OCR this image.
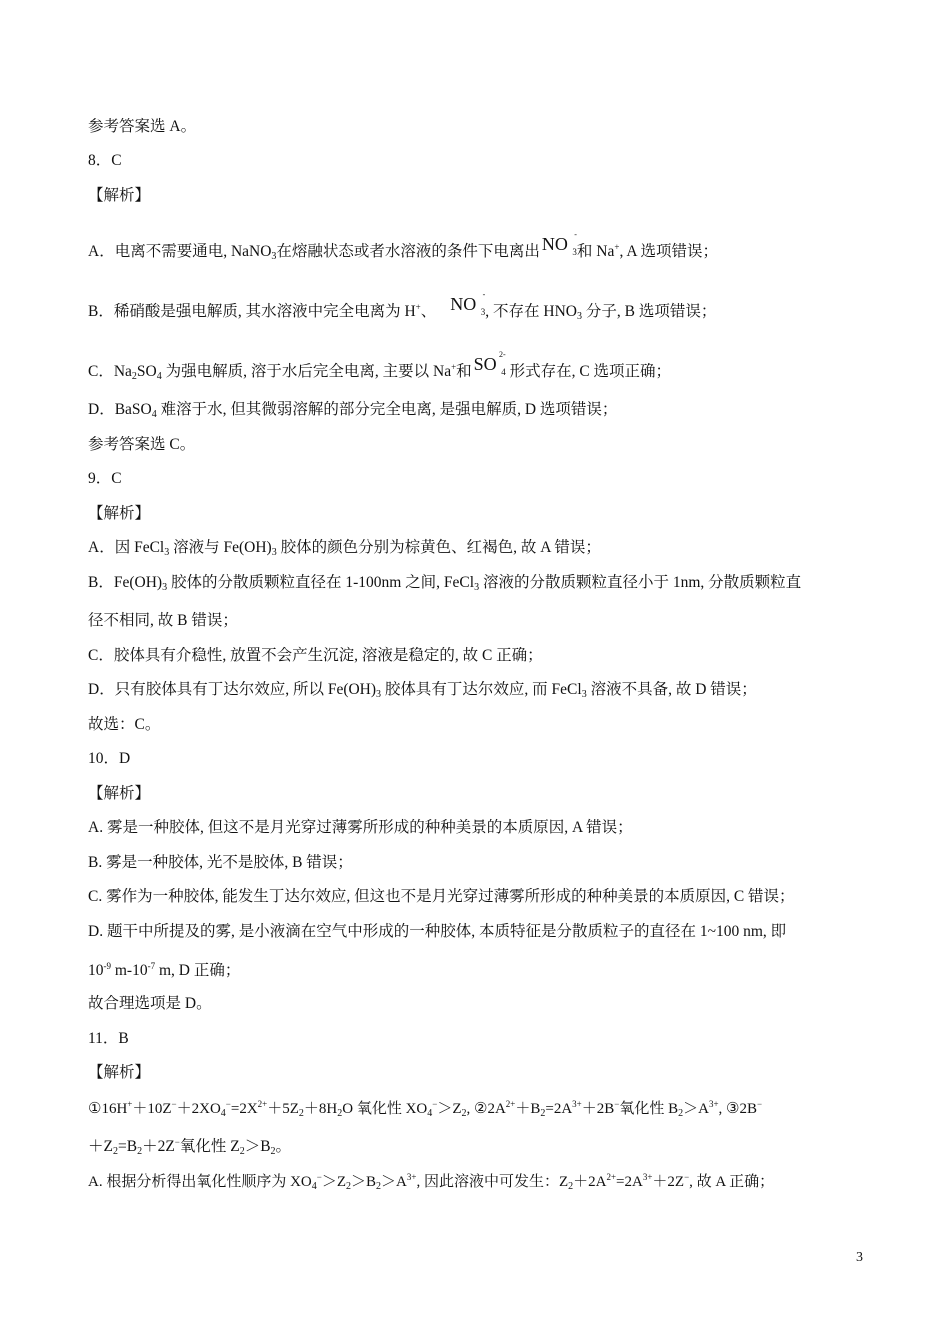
参考答案选 A。
8．C
【解析】
A．电离不需要通电, NaNO$_3$在熔融状态或者水溶液的条件下电离出 NO -
3 和 Na+, A 选项错误；
B．稀硝酸是强电解质, 其水溶液中完全电离为 H+、 NO -
3 , 不存在 $HNO_3$ 分子, B 选项错误；
C．$Na_2SO_4$ 为强电解质, 溶于水后完全电离, 主要以 Na+和 SO 2-
4 形式存在, C 选项正确；
D．BaSO$_4$ 难溶于水, 但其微弱溶解的部分完全电离, 是强电解质, D 选项错误；
参考答案选 C。
9．C
【解析】
A．因 FeCl$_3$ 溶液与 $Fe(OH)_3$ 胶体的颜色分别为棕黄色、红褐色, 故 A 错误；
B．$Fe(OH)_3$ 胶体的分散质颗粒直径在 1-100nm 之间, FeCl$_3$ 溶液的分散质颗粒直径小于 1nm, 分散质颗粒直
径不相同, 故 B 错误；
C．胶体具有介稳性, 放置不会产生沉淀, 溶液是稳定的, 故 C 正确；
D．只有胶体具有丁达尔效应, 所以 $Fe(OH)_3$ 胶体具有丁达尔效应, 而 FeCl$_3$ 溶液不具备, 故 D 错误；
故选：C。
10．D
【解析】
A. 雾是一种胶体, 但这不是月光穿过薄雾所形成的种种美景的本质原因, A 错误；
B. 雾是一种胶体, 光不是胶体, B 错误；
C. 雾作为一种胶体, 能发生丁达尔效应, 但这也不是月光穿过薄雾所形成的种种美景的本质原因, C 错误；
D. 题干中所提及的雾, 是小液滴在空气中形成的一种胶体, 本质特征是分散质粒子的直径在 1~100 nm, 即
$10^{-9}$ $m-10^{-7}$ m, D 正确；
故合理选项是 D。
11．B
【解析】
$①16H^++10Z^-+2XO_4^-=2X^{2+}+5Z_2+8H_2O$ 氧化性 $XO_4^->Z_2$, $②2A^{2+}+B_2=2A^{3+}+2B^-$氧化性 $B_2>A^{3+}$, ③2B−
$+Z_2=B_2+2Z^-$氧化性 $Z_2>B_2$。
A. 根据分析得出氧化性顺序为 $XO_4^->Z_2>B_2>A^{3+}$, 因此溶液中可发生：$Z_2+2A^{2+}=2A^{3+}+2Z^-$, 故 A 正确；
3
